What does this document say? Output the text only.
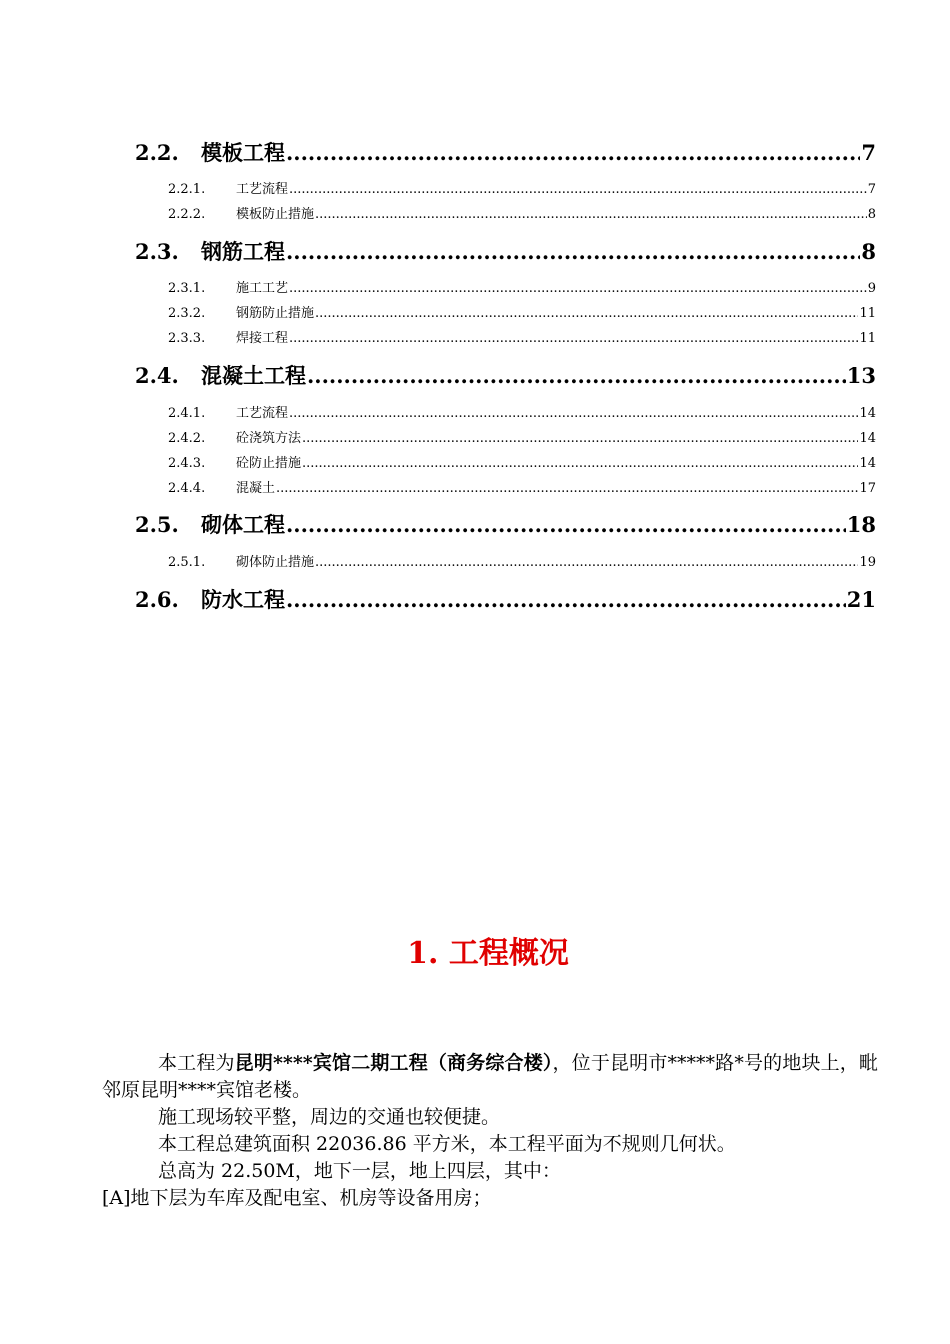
2.2.	模板工程 .....	7
2.2.1.	工艺流程 .....	7
2.2.2.	模板防止措施 .....	8
2.3.	钢筋工程 .....	8
2.3.1.	施工工艺 .....	9
2.3.2.	钢筋防止措施 .....	11
2.3.3.	焊接工程 .....	11
2.4.	混凝土工程 .....	13
2.4.1.	工艺流程 .....	14
2.4.2.	砼浇筑方法 .....	14
2.4.3.	砼防止措施 .....	14
2.4.4.	混凝土 .....	17
2.5.	砌体工程 .....	18
2.5.1.	砌体防止措施 .....	19
2.6.	防水工程 .....	21
1. 工程概况

本工程为昆明****宾馆二期工程（商务综合楼），位于昆明市*****路*号的地块上，毗邻原昆明****宾馆老楼。

施工现场较平整，周边的交通也较便捷。

本工程总建筑面积 22036.86 平方米，本工程平面为不规则几何状。

总高为 22.50M，地下一层，地上四层，其中：

[A]地下层为车库及配电室、机房等设备用房；
